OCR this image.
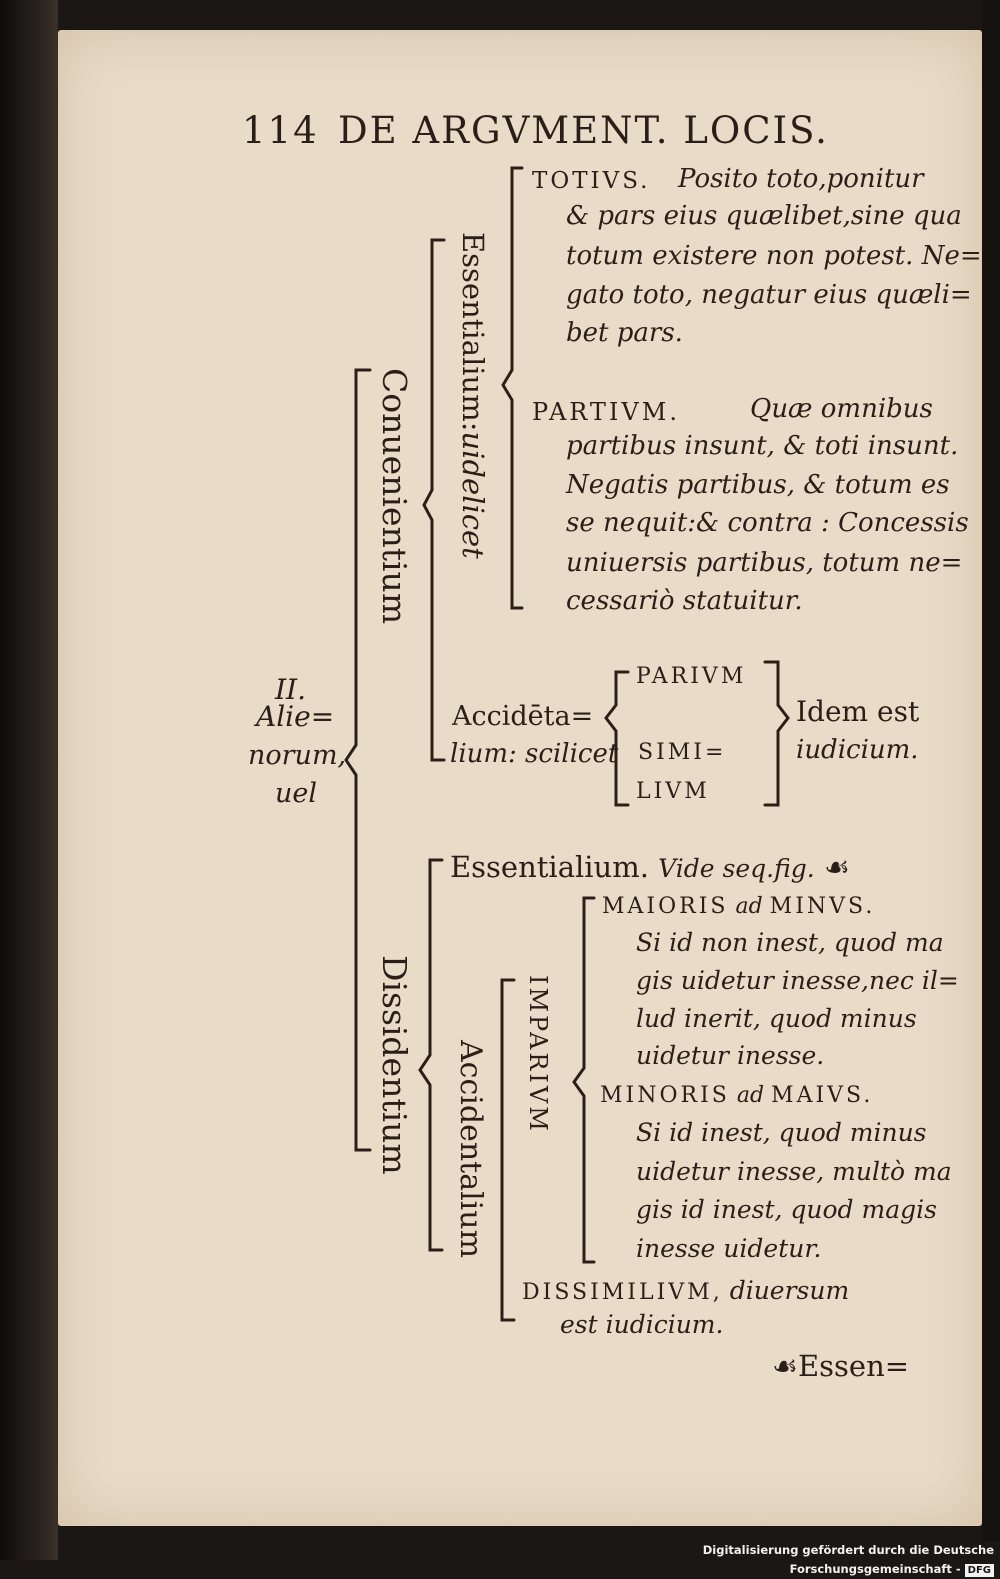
114 DE ARGVMENT. LOCIS.
II.
Alie=
norum,
uel
Conuenientium
Essentialium:uidelicet
Dissidentium Accidentalium IMPARIVM
TOTIVS. Posito toto,ponitur
& pars eius quælibet,sine qua
totum existere non potest. Ne=
gato toto, negatur eius quæli=
bet pars.
PARTIVM.	Quæ omnibus
partibus insunt, & toti insunt.
Negatis partibus, & totum es
se nequit:& contra : Concessis
uniuersis partibus, totum ne=
cessariò statuitur.
Accidēta=
lium: scilicet
PARIVM
SIMI=
LIVM
Idem est
iudicium.
Essentialium. Vide seq.fig. ☙
MAIORIS ad MINVS.
Si id non inest, quod ma
gis uidetur inesse,nec il=
lud inerit, quod minus
uidetur inesse.
MINORIS ad MAIVS.
Si id inest, quod minus
uidetur inesse, multò ma
gis id inest, quod magis
inesse uidetur.
DISSIMILIVM, diuersum
est iudicium.
☙Essen=
Digitalisierung gefördert durch die Deutsche Forschungsgemeinschaft - DFG
